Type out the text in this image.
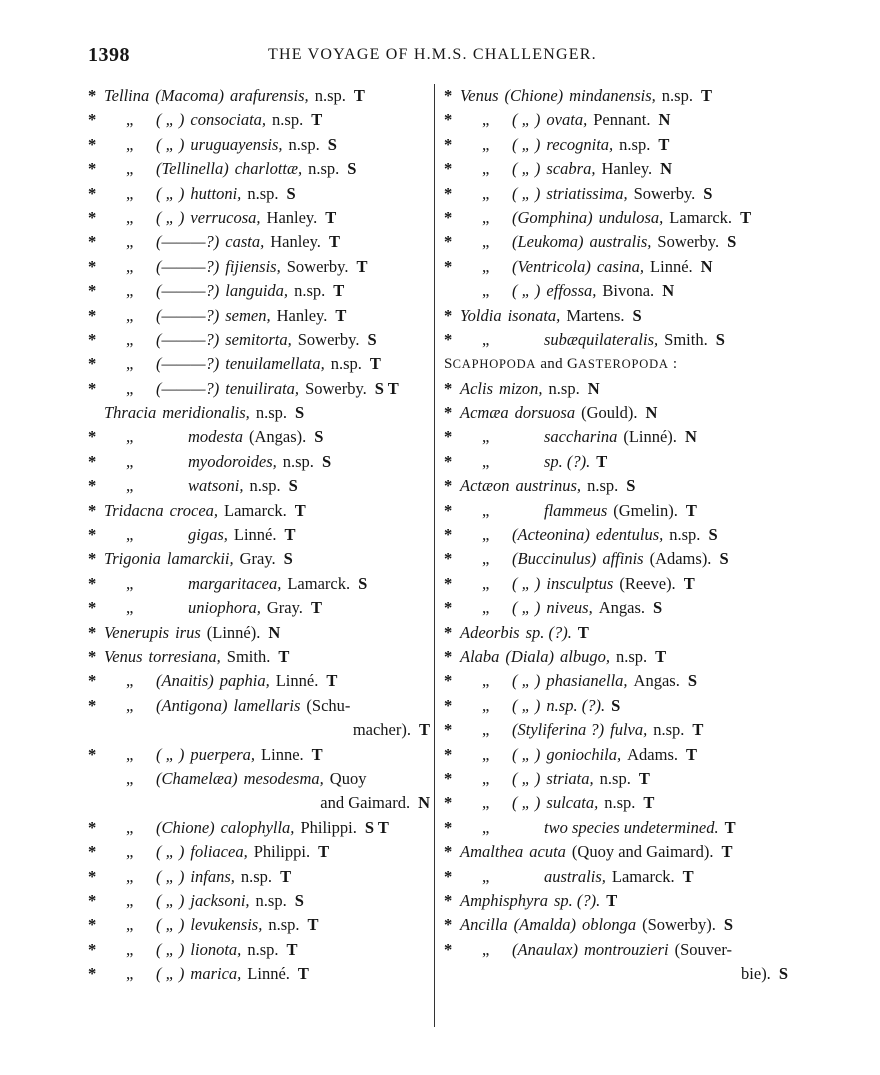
1398	THE VOYAGE OF H.M.S. CHALLENGER.
* Tellina (Macoma) arafurensis, n.sp. T
* „ ( „ ) consociata, n.sp. T
* „ ( „ ) uruguayensis, n.sp. S
* „ (Tellinella) charlottæ, n.sp. S
* „ ( „ ) huttoni, n.sp. S
* „ ( „ ) verrucosa, Hanley. T
* „ (———?) casta, Hanley. T
* „ (———?) fijiensis, Sowerby. T
* „ (———?) languida, n.sp. T
* „ (———?) semen, Hanley. T
* „ (———?) semitorta, Sowerby. S
* „ (———?) tenuilamellata, n.sp. T
* „ (———?) tenuilirata, Sowerby. S T
Thracia meridionalis, n.sp. S
* „	modesta (Angas). S
* „	myodoroides, n.sp. S
* „	watsoni, n.sp. S
* Tridacna crocea, Lamarck. T
* „	gigas, Linné. T
* Trigonia lamarckii, Gray. S
* „	margaritacea, Lamarck. S
* „	uniophora, Gray. T
* Venerupis irus (Linné). N
* Venus torresiana, Smith. T
* „ (Anaitis) paphia, Linné. T
* „ (Antigona) lamellaris (Schu-
macher). T
* „ ( „ ) puerpera, Linne. T
„ (Chamelæa) mesodesma, Quoy
and Gaimard. N
* „ (Chione) calophylla, Philippi. S T
* „ ( „ ) foliacea, Philippi. T
* „ ( „ ) infans, n.sp. T
* „ ( „ ) jacksoni, n.sp. S
* „ ( „ ) levukensis, n.sp. T
* „ ( „ ) lionota, n.sp. T
* „ ( „ ) marica, Linné. T
* Venus (Chione) mindanensis, n.sp. T
* „ ( „ ) ovata, Pennant. N
* „ ( „ ) recognita, n.sp. T
* „ ( „ ) scabra, Hanley. N
* „ ( „ ) striatissima, Sowerby. S
* „ (Gomphina) undulosa, Lamarck. T
* „ (Leukoma) australis, Sowerby. S
* „ (Ventricola) casina, Linné. N
„ ( „ ) effossa, Bivona. N
* Yoldia isonata, Martens. S
* „	subæquilateralis, Smith. S
SCAPHOPODA and GASTEROPODA :
* Aclis mizon, n.sp. N
* Acmæa dorsuosa (Gould). N
* „	saccharina (Linné). N
* „	sp. (?). T
* Actæon austrinus, n.sp. S
* „	flammeus (Gmelin). T
* „ (Acteonina) edentulus, n.sp. S
* „ (Buccinulus) affinis (Adams). S
* „ ( „ ) insculptus (Reeve). T
* „ ( „ ) niveus, Angas. S
* Adeorbis sp. (?). T
* Alaba (Diala) albugo, n.sp. T
* „ ( „ ) phasianella, Angas. S
* „ ( „ ) n.sp. (?). S
* „ (Styliferina ?) fulva, n.sp. T
* „ ( „ ) goniochila, Adams. T
* „ ( „ ) striata, n.sp. T
* „ ( „ ) sulcata, n.sp. T
* „	two species undetermined. T
* Amalthea acuta (Quoy and Gaimard). T
* „	australis, Lamarck. T
* Amphisphyra sp. (?). T
* Ancilla (Amalda) oblonga (Sowerby). S
* „ (Anaulax) montrouzieri (Souver-
bie). S
